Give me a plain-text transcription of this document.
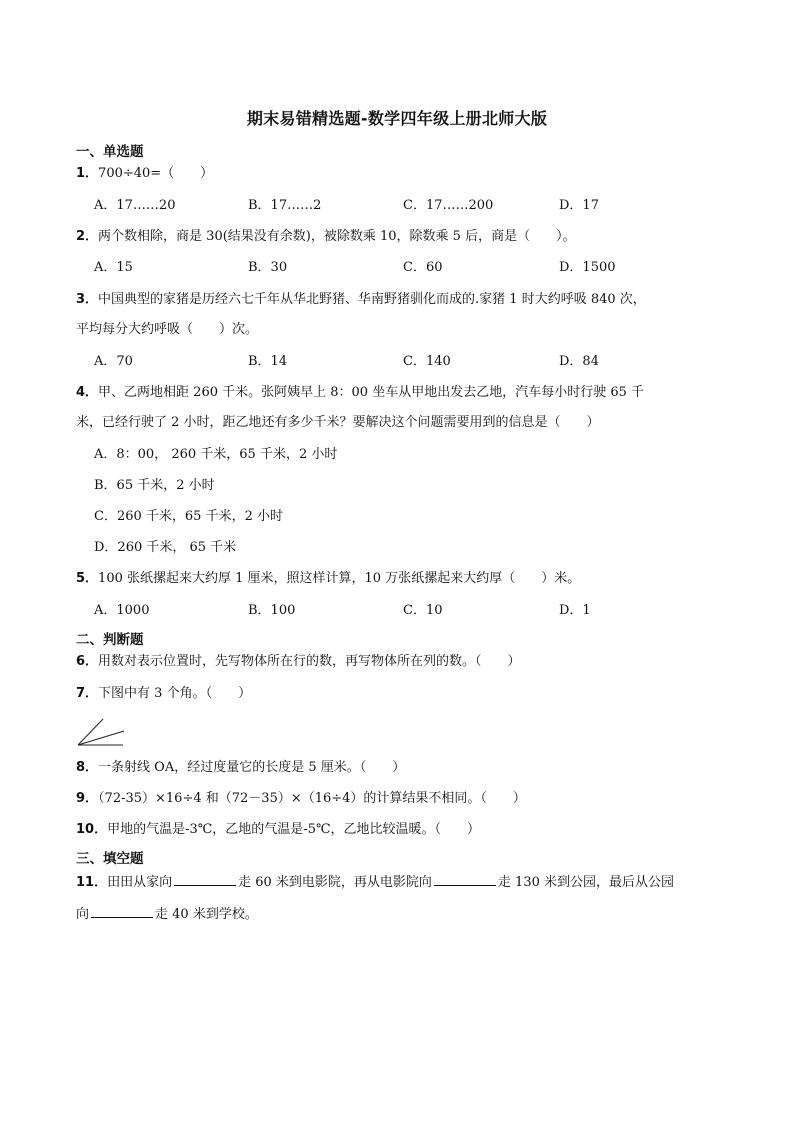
期末易错精选题-数学四年级上册北师大版
一、单选题
1．700÷40=（　　）
A．17……20	B．17……2	C．17……200	D．17
2．两个数相除，商是 30(结果没有余数)，被除数乘 10，除数乘 5 后，商是（　　）。
A．15	B．30	C．60	D．1500
3．中国典型的家猪是历经六七千年从华北野猪、华南野猪驯化而成的.家猪 1 时大约呼吸 840 次，
平均每分大约呼吸（　　）次。
A．70	B．14	C．140	D．84
4．甲、乙两地相距 260 千米。张阿姨早上 8：00 坐车从甲地出发去乙地，汽车每小时行驶 65 千
米，已经行驶了 2 小时，距乙地还有多少千米？要解决这个问题需要用到的信息是（　　）
A．8：00， 260 千米，65 千米，2 小时
B．65 千米，2 小时
C．260 千米，65 千米，2 小时
D．260 千米， 65 千米
5．100 张纸摞起来大约厚 1 厘米，照这样计算，10 万张纸摞起来大约厚（　　）米。
A．1000	B．100	C．10	D．1
二、判断题
6．用数对表示位置时，先写物体所在行的数，再写物体所在列的数。（　　）
7．下图中有 3 个角。（　　）
8．一条射线 OA，经过度量它的长度是 5 厘米。（　　）
9．（72-35）×16÷4 和（72－35）×（16÷4）的计算结果不相同。（　　）
10．甲地的气温是-3℃，乙地的气温是-5℃，乙地比较温暖。（　　）
三、填空题
11．田田从家向	走 60 米到电影院，再从电影院向	走 130 米到公园，最后从公园
向	走 40 米到学校。
